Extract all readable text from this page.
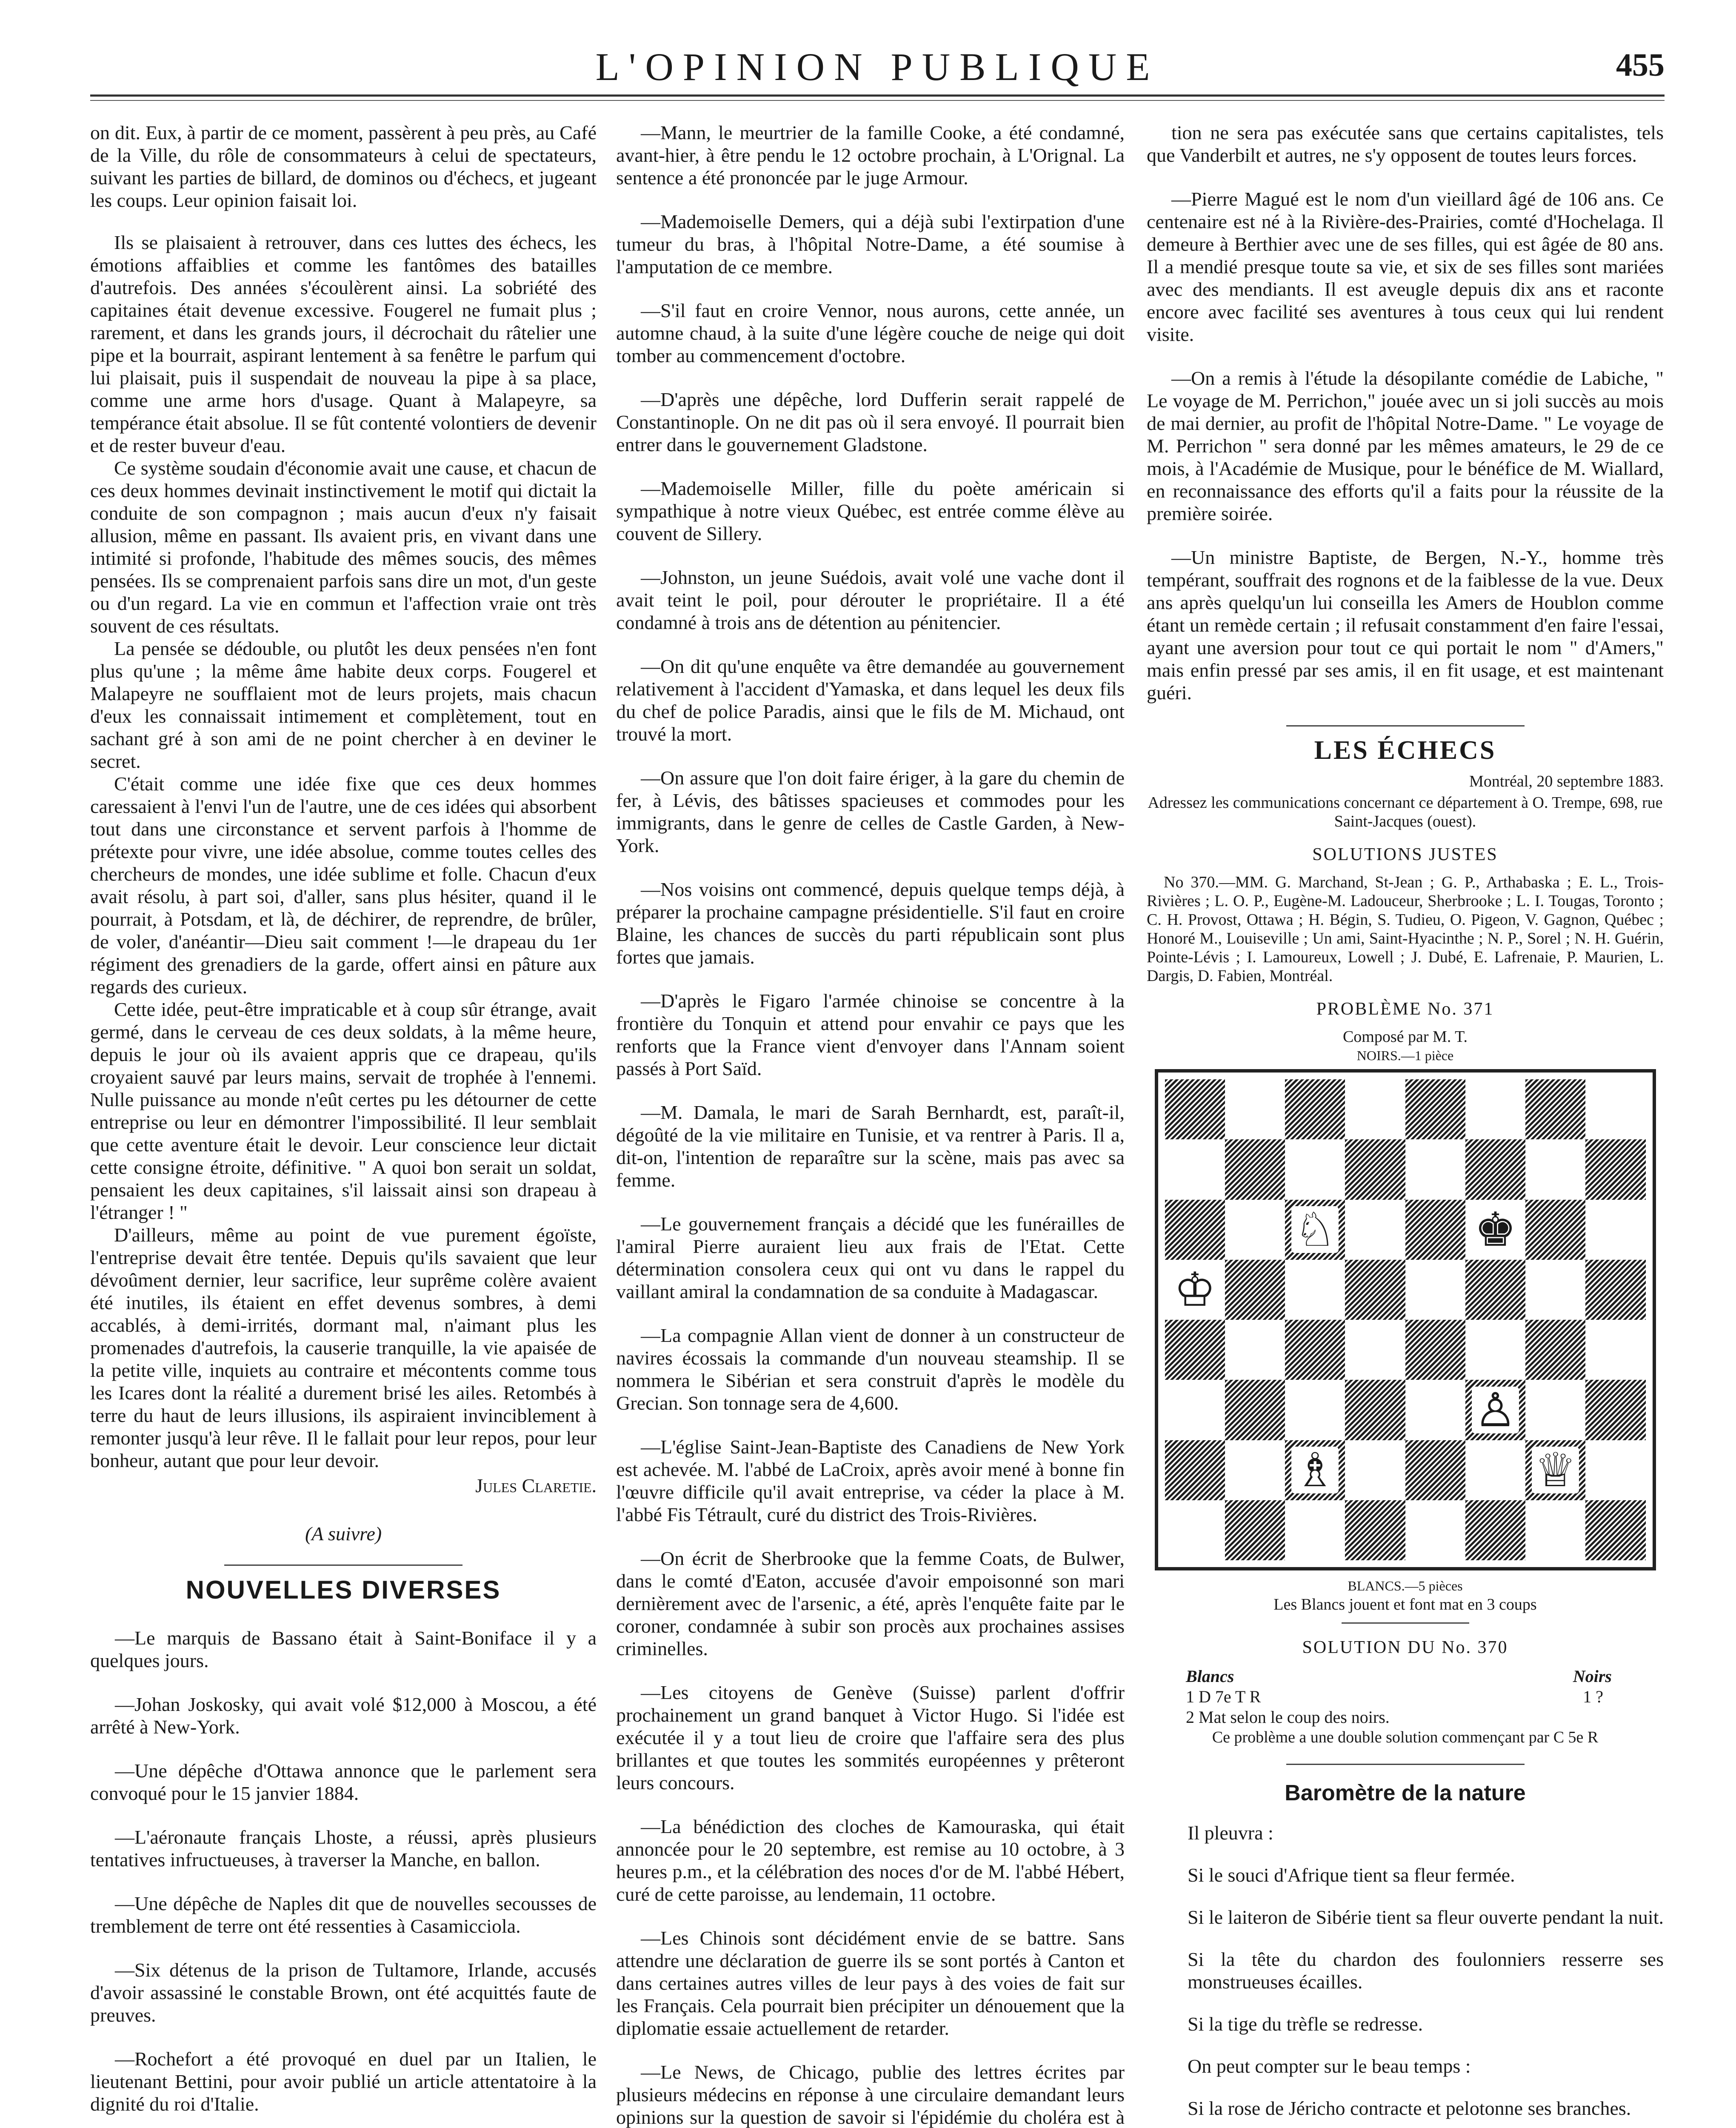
L'OPINION PUBLIQUE	455

on dit. Eux, à partir de ce moment, passèrent à peu près, au Café de la Ville, du rôle de consommateurs à celui de spectateurs, suivant les parties de billard, de dominos ou d'échecs, et jugeant les coups. Leur opinion faisait loi.

Ils se plaisaient à retrouver, dans ces luttes des échecs, les émotions affaiblies et comme les fantômes des batailles d'autrefois. Des années s'écoulèrent ainsi. La sobriété des capitaines était devenue excessive. Fougerel ne fumait plus ; rarement, et dans les grands jours, il décrochait du râtelier une pipe et la bourrait, aspirant lentement à sa fenêtre le parfum qui lui plaisait, puis il suspendait de nouveau la pipe à sa place, comme une arme hors d'usage. Quant à Malapeyre, sa tempérance était absolue. Il se fût contenté volontiers de devenir et de rester buveur d'eau.

Ce système soudain d'économie avait une cause, et chacun de ces deux hommes devinait instinctivement le motif qui dictait la conduite de son compagnon ; mais aucun d'eux n'y faisait allusion, même en passant. Ils avaient pris, en vivant dans une intimité si profonde, l'habitude des mêmes soucis, des mêmes pensées. Ils se comprenaient parfois sans dire un mot, d'un geste ou d'un regard. La vie en commun et l'affection vraie ont très souvent de ces résultats.

La pensée se dédouble, ou plutôt les deux pensées n'en font plus qu'une ; la même âme habite deux corps. Fougerel et Malapeyre ne soufflaient mot de leurs projets, mais chacun d'eux les connaissait intimement et complètement, tout en sachant gré à son ami de ne point chercher à en deviner le secret.

C'était comme une idée fixe que ces deux hommes caressaient à l'envi l'un de l'autre, une de ces idées qui absorbent tout dans une circonstance et servent parfois à l'homme de prétexte pour vivre, une idée absolue, comme toutes celles des chercheurs de mondes, une idée sublime et folle. Chacun d'eux avait résolu, à part soi, d'aller, sans plus hésiter, quand il le pourrait, à Potsdam, et là, de déchirer, de reprendre, de brûler, de voler, d'anéantir—Dieu sait comment !—le drapeau du 1er régiment des grenadiers de la garde, offert ainsi en pâture aux regards des curieux.

Cette idée, peut-être impraticable et à coup sûr étrange, avait germé, dans le cerveau de ces deux soldats, à la même heure, depuis le jour où ils avaient appris que ce drapeau, qu'ils croyaient sauvé par leurs mains, servait de trophée à l'ennemi. Nulle puissance au monde n'eût certes pu les détourner de cette entreprise ou leur en démontrer l'impossibilité. Il leur semblait que cette aventure était le devoir. Leur conscience leur dictait cette consigne étroite, définitive. " A quoi bon serait un soldat, pensaient les deux capitaines, s'il laissait ainsi son drapeau à l'étranger ! "

D'ailleurs, même au point de vue purement égoïste, l'entreprise devait être tentée. Depuis qu'ils savaient que leur dévoûment dernier, leur sacrifice, leur suprême colère avaient été inutiles, ils étaient en effet devenus sombres, à demi accablés, à demi-irrités, dormant mal, n'aimant plus les promenades d'autrefois, la causerie tranquille, la vie apaisée de la petite ville, inquiets au contraire et mécontents comme tous les Icares dont la réalité a durement brisé les ailes. Retombés à terre du haut de leurs illusions, ils aspiraient invinciblement à remonter jusqu'à leur rêve. Il le fallait pour leur repos, pour leur bonheur, autant que pour leur devoir.

Jules Claretie.

(A suivre)

NOUVELLES DIVERSES

—Le marquis de Bassano était à Saint-Boniface il y a quelques jours.

—Johan Joskosky, qui avait volé $12,000 à Moscou, a été arrêté à New-York.

—Une dépêche d'Ottawa annonce que le parlement sera convoqué pour le 15 janvier 1884.

—L'aéronaute français Lhoste, a réussi, après plusieurs tentatives infructueuses, à traverser la Manche, en ballon.

—Une dépêche de Naples dit que de nouvelles secousses de tremblement de terre ont été ressenties à Casamicciola.

—Six détenus de la prison de Tultamore, Irlande, accusés d'avoir assassiné le constable Brown, ont été acquittés faute de preuves.

—Rochefort a été provoqué en duel par un Italien, le lieutenant Bettini, pour avoir publié un article attentatoire à la dignité du roi d'Italie.

—Mann, le meurtrier de la famille Cooke, a été condamné, avant-hier, à être pendu le 12 octobre prochain, à L'Orignal. La sentence a été prononcée par le juge Armour.

—Mademoiselle Demers, qui a déjà subi l'extirpation d'une tumeur du bras, à l'hôpital Notre-Dame, a été soumise à l'amputation de ce membre.

—S'il faut en croire Vennor, nous aurons, cette année, un automne chaud, à la suite d'une légère couche de neige qui doit tomber au commencement d'octobre.

—D'après une dépêche, lord Dufferin serait rappelé de Constantinople. On ne dit pas où il sera envoyé. Il pourrait bien entrer dans le gouvernement Gladstone.

—Mademoiselle Miller, fille du poète américain si sympathique à notre vieux Québec, est entrée comme élève au couvent de Sillery.

—Johnston, un jeune Suédois, avait volé une vache dont il avait teint le poil, pour dérouter le propriétaire. Il a été condamné à trois ans de détention au pénitencier.

—On dit qu'une enquête va être demandée au gouvernement relativement à l'accident d'Yamaska, et dans lequel les deux fils du chef de police Paradis, ainsi que le fils de M. Michaud, ont trouvé la mort.

—On assure que l'on doit faire ériger, à la gare du chemin de fer, à Lévis, des bâtisses spacieuses et commodes pour les immigrants, dans le genre de celles de Castle Garden, à New-York.

—Nos voisins ont commencé, depuis quelque temps déjà, à préparer la prochaine campagne présidentielle. S'il faut en croire Blaine, les chances de succès du parti républicain sont plus fortes que jamais.

—D'après le Figaro l'armée chinoise se concentre à la frontière du Tonquin et attend pour envahir ce pays que les renforts que la France vient d'envoyer dans l'Annam soient passés à Port Saïd.

—M. Damala, le mari de Sarah Bernhardt, est, paraît-il, dégoûté de la vie militaire en Tunisie, et va rentrer à Paris. Il a, dit-on, l'intention de reparaître sur la scène, mais pas avec sa femme.

—Le gouvernement français a décidé que les funérailles de l'amiral Pierre auraient lieu aux frais de l'Etat. Cette détermination consolera ceux qui ont vu dans le rappel du vaillant amiral la condamnation de sa conduite à Madagascar.

—La compagnie Allan vient de donner à un constructeur de navires écossais la commande d'un nouveau steamship. Il se nommera le Sibérian et sera construit d'après le modèle du Grecian. Son tonnage sera de 4,600.

—L'église Saint-Jean-Baptiste des Canadiens de New York est achevée. M. l'abbé de LaCroix, après avoir mené à bonne fin l'œuvre difficile qu'il avait entreprise, va céder la place à M. l'abbé Fis Tétrault, curé du district des Trois-Rivières.

—On écrit de Sherbrooke que la femme Coats, de Bulwer, dans le comté d'Eaton, accusée d'avoir empoisonné son mari dernièrement avec de l'arsenic, a été, après l'enquête faite par le coroner, condamnée à subir son procès aux prochaines assises criminelles.

—Les citoyens de Genève (Suisse) parlent d'offrir prochainement un grand banquet à Victor Hugo. Si l'idée est exécutée il y a tout lieu de croire que l'affaire sera des plus brillantes et que toutes les sommités européennes y prêteront leurs concours.

—La bénédiction des cloches de Kamouraska, qui était annoncée pour le 20 septembre, est remise au 10 octobre, à 3 heures p.m., et la célébration des noces d'or de M. l'abbé Hébert, curé de cette paroisse, au lendemain, 11 octobre.

—Les Chinois sont décidément envie de se battre. Sans attendre une déclaration de guerre ils se sont portés à Canton et dans certaines autres villes de leur pays à des voies de fait sur les Français. Cela pourrait bien précipiter un dénouement que la diplomatie essaie actuellement de retarder.

—Le News, de Chicago, publie des lettres écrites par plusieurs médecins en réponse à une circulaire demandant leurs opinions sur la question de savoir si l'épidémie du choléra est à

tion ne sera pas exécutée sans que certains capitalistes, tels que Vanderbilt et autres, ne s'y opposent de toutes leurs forces.

—Pierre Magué est le nom d'un vieillard âgé de 106 ans. Ce centenaire est né à la Rivière-des-Prairies, comté d'Hochelaga. Il demeure à Berthier avec une de ses filles, qui est âgée de 80 ans. Il a mendié presque toute sa vie, et six de ses filles sont mariées avec des mendiants. Il est aveugle depuis dix ans et raconte encore avec facilité ses aventures à tous ceux qui lui rendent visite.

—On a remis à l'étude la désopilante comédie de Labiche, " Le voyage de M. Perrichon," jouée avec un si joli succès au mois de mai dernier, au profit de l'hôpital Notre-Dame. " Le voyage de M. Perrichon " sera donné par les mêmes amateurs, le 29 de ce mois, à l'Académie de Musique, pour le bénéfice de M. Wiallard, en reconnaissance des efforts qu'il a faits pour la réussite de la première soirée.

—Un ministre Baptiste, de Bergen, N.-Y., homme très tempérant, souffrait des rognons et de la faiblesse de la vue. Deux ans après quelqu'un lui conseilla les Amers de Houblon comme étant un remède certain ; il refusait constamment d'en faire l'essai, ayant une aversion pour tout ce qui portait le nom " d'Amers," mais enfin pressé par ses amis, il en fit usage, et est maintenant guéri.

LES ÉCHECS

Montréal, 20 septembre 1883.

Adressez les communications concernant ce département à O. Trempe, 698, rue Saint-Jacques (ouest).

SOLUTIONS JUSTES

No 370.—MM. G. Marchand, St-Jean ; G. P., Arthabaska ; E. L., Trois-Rivières ; L. O. P., Eugène-M. Ladouceur, Sherbrooke ; L. I. Tougas, Toronto ; C. H. Provost, Ottawa ; H. Bégin, S. Tudieu, O. Pigeon, V. Gagnon, Québec ; Honoré M., Louiseville ; Un ami, Saint-Hyacinthe ; N. P., Sorel ; N. H. Guérin, Pointe-Lévis ; I. Lamoureux, Lowell ; J. Dubé, E. Lafrenaie, P. Maurien, L. Dargis, D. Fabien, Montréal.

PROBLÈME No. 371

Composé par M. T.

NOIRS.—1 pièce

♘	♚
♔
♙
♗	♕

BLANCS.—5 pièces

Les Blancs jouent et font mat en 3 coups

SOLUTION DU No. 370
Blancs	Noirs
1 D 7e T R	1 ?
2 Mat selon le coup des noirs.	

Ce problème a une double solution commençant par C 5e R

Baromètre de la nature

Il pleuvra :

Si le souci d'Afrique tient sa fleur fermée.

Si le laiteron de Sibérie tient sa fleur ouverte pendant la nuit.

Si la tête du chardon des foulonniers resserre ses monstrueuses écailles.

Si la tige du trèfle se redresse.

On peut compter sur le beau temps :

Si la rose de Jéricho contracte et pelotonne ses branches.
